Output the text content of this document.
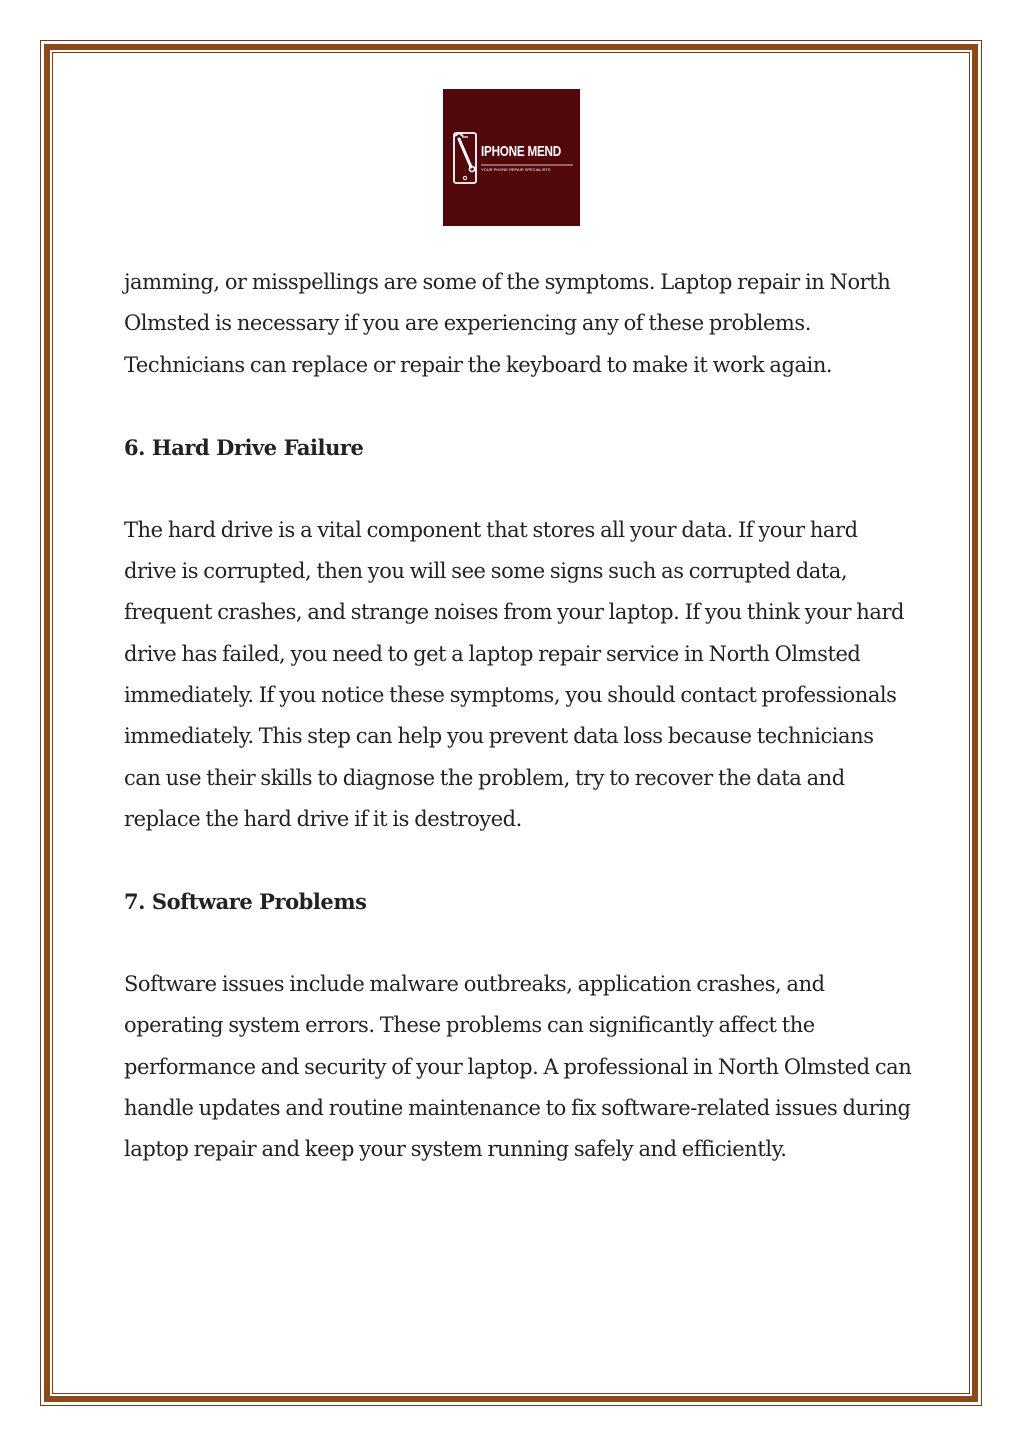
IPHONE MEND
YOUR PHONE REPAIR SPECIALISTS

jamming, or misspellings are some of the symptoms. Laptop repair in North Olmsted is necessary if you are experiencing any of these problems. Technicians can replace or repair the keyboard to make it work again.

6. Hard Drive Failure

The hard drive is a vital component that stores all your data. If your hard drive is corrupted, then you will see some signs such as corrupted data, frequent crashes, and strange noises from your laptop. If you think your hard drive has failed, you need to get a laptop repair service in North Olmsted immediately. If you notice these symptoms, you should contact professionals immediately. This step can help you prevent data loss because technicians can use their skills to diagnose the problem, try to recover the data and replace the hard drive if it is destroyed.

7. Software Problems

Software issues include malware outbreaks, application crashes, and operating system errors. These problems can significantly affect the performance and security of your laptop. A professional in North Olmsted can handle updates and routine maintenance to fix software-related issues during laptop repair and keep your system running safely and efficiently.
